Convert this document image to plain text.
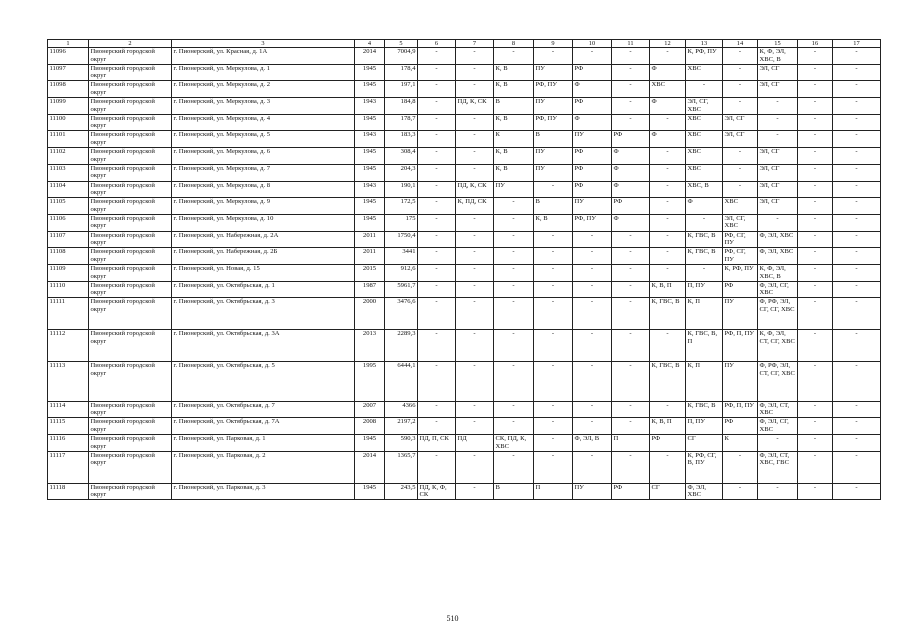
1	2	3	4	5	6	7	8	9	10	11	12	13	14	15	16	17
11096	Пионерский городской округ	г. Пионерский, ул. Красная, д. 1А	2014	7004,9	-	-	-	-	-	-	-	К, РФ, ПУ	-	К, Ф, ЭЛ, ХВС, В	-	-
11097	Пионерский городской округ	г. Пионерский, ул. Меркулова, д. 1	1945	178,4	-	-	К, В	ПУ	РФ	-	Ф	ХВС	-	ЭЛ, СГ	-	-
11098	Пионерский городской округ	г. Пионерский, ул. Меркулова, д. 2	1945	197,1	-	-	К, В	РФ, ПУ	Ф	-	ХВС	-	-	ЭЛ, СГ	-	-
11099	Пионерский городской округ	г. Пионерский, ул. Меркулова, д. 3	1943	184,8	-	ПД, К, СК	В	ПУ	РФ	-	Ф	ЭЛ, СГ, ХВС	-	-	-	-
11100	Пионерский городской округ	г. Пионерский, ул. Меркулова, д. 4	1945	178,7	-	-	К, В	РФ, ПУ	Ф	-	-	ХВС	ЭЛ, СГ	-	-	-
11101	Пионерский городской округ	г. Пионерский, ул. Меркулова, д. 5	1943	183,3	-	-	К	В	ПУ	РФ	Ф	ХВС	ЭЛ, СГ	-	-	-
11102	Пионерский городской округ	г. Пионерский, ул. Меркулова, д. 6	1945	308,4	-	-	К, В	ПУ	РФ	Ф	-	ХВС	-	ЭЛ, СГ	-	-
11103	Пионерский городской округ	г. Пионерский, ул. Меркулова, д. 7	1945	204,3	-	-	К, В	ПУ	РФ	Ф	-	ХВС	-	ЭЛ, СГ	-	-
11104	Пионерский городской округ	г. Пионерский, ул. Меркулова, д. 8	1943	190,1	-	ПД, К, СК	ПУ	-	РФ	Ф	-	ХВС, В	-	ЭЛ, СГ	-	-
11105	Пионерский городской округ	г. Пионерский, ул. Меркулова, д. 9	1945	172,5	-	К, ПД, СК	-	В	ПУ	РФ	-	Ф	ХВС	ЭЛ, СГ	-	-
11106	Пионерский городской округ	г. Пионерский, ул. Меркулова, д. 10	1945	175	-	-	-	К, В	РФ, ПУ	Ф	-	-	ЭЛ, СГ, ХВС	-	-	-
11107	Пионерский городской округ	г. Пионерский, ул. Набережная, д. 2А	2011	1750,4	-	-	-	-	-	-	-	К, ГВС, В	РФ, СГ, ПУ	Ф, ЭЛ, ХВС	-	-
11108	Пионерский городской округ	г. Пионерский, ул. Набережная, д. 2Б	2011	3441	-	-	-	-	-	-	-	К, ГВС, В	РФ, СГ, ПУ	Ф, ЭЛ, ХВС	-	-
11109	Пионерский городской округ	г. Пионерский, ул. Новая, д. 15	2015	912,6	-	-	-	-	-	-	-	-	К, РФ, ПУ	К, Ф, ЭЛ, ХВС, В	-	-
11110	Пионерский городской округ	г. Пионерский, ул. Октябрьская, д. 1	1987	5961,7	-	-	-	-	-	-	К, В, П	П, ПУ	РФ	Ф, ЭЛ, СГ, ХВС	-	-
11111	Пионерский городской округ	г. Пионерский, ул. Октябрьская, д. 3	2000	3476,6	-	-	-	-	-	-	К, ГВС, В	К, П	ПУ	Ф, РФ, ЭЛ, СГ, СГ, ХВС	-	-
11112	Пионерский городской округ	г. Пионерский, ул. Октябрьская, д. 3А	2013	2289,3	-	-	-	-	-	-	-	К, ГВС, В, П	РФ, П, ПУ	К, Ф, ЭЛ, СТ, СГ, ХВС	-	-
11113	Пионерский городской округ	г. Пионерский, ул. Октябрьская, д. 5	1995	6444,1	-	-	-	-	-	-	К, ГВС, В	К, П	ПУ	Ф, РФ, ЭЛ, СТ, СГ, ХВС	-	-
11114	Пионерский городской округ	г. Пионерский, ул. Октябрьская, д. 7	2007	4366	-	-	-	-	-	-	-	К, ГВС, В	РФ, П, ПУ	Ф, ЭЛ, СТ, ХВС	-	-
11115	Пионерский городской округ	г. Пионерский, ул. Октябрьская, д. 7А	2008	2197,2	-	-	-	-	-	-	К, В, П	П, ПУ	РФ	Ф, ЭЛ, СГ, ХВС	-	-
11116	Пионерский городской округ	г. Пионерский, ул. Парковая, д. 1	1945	590,3	ПД, П, СК	ПД	СК, ПД, К, ХВС	-	Ф, ЭЛ, В	П	РФ	СГ	К	-	-	-
11117	Пионерский городской округ	г. Пионерский, ул. Парковая, д. 2	2014	1365,7	-	-	-	-	-	-	-	К, РФ, СГ, В, ПУ	-	Ф, ЭЛ, СТ, ХВС, ГВС	-	-
11118	Пионерский городской округ	г. Пионерский, ул. Парковая, д. 3	1945	243,5	ПД, К, Ф, СК	-	В	П	ПУ	РФ	СГ	Ф, ЭЛ, ХВС	-	-	-	-
510
